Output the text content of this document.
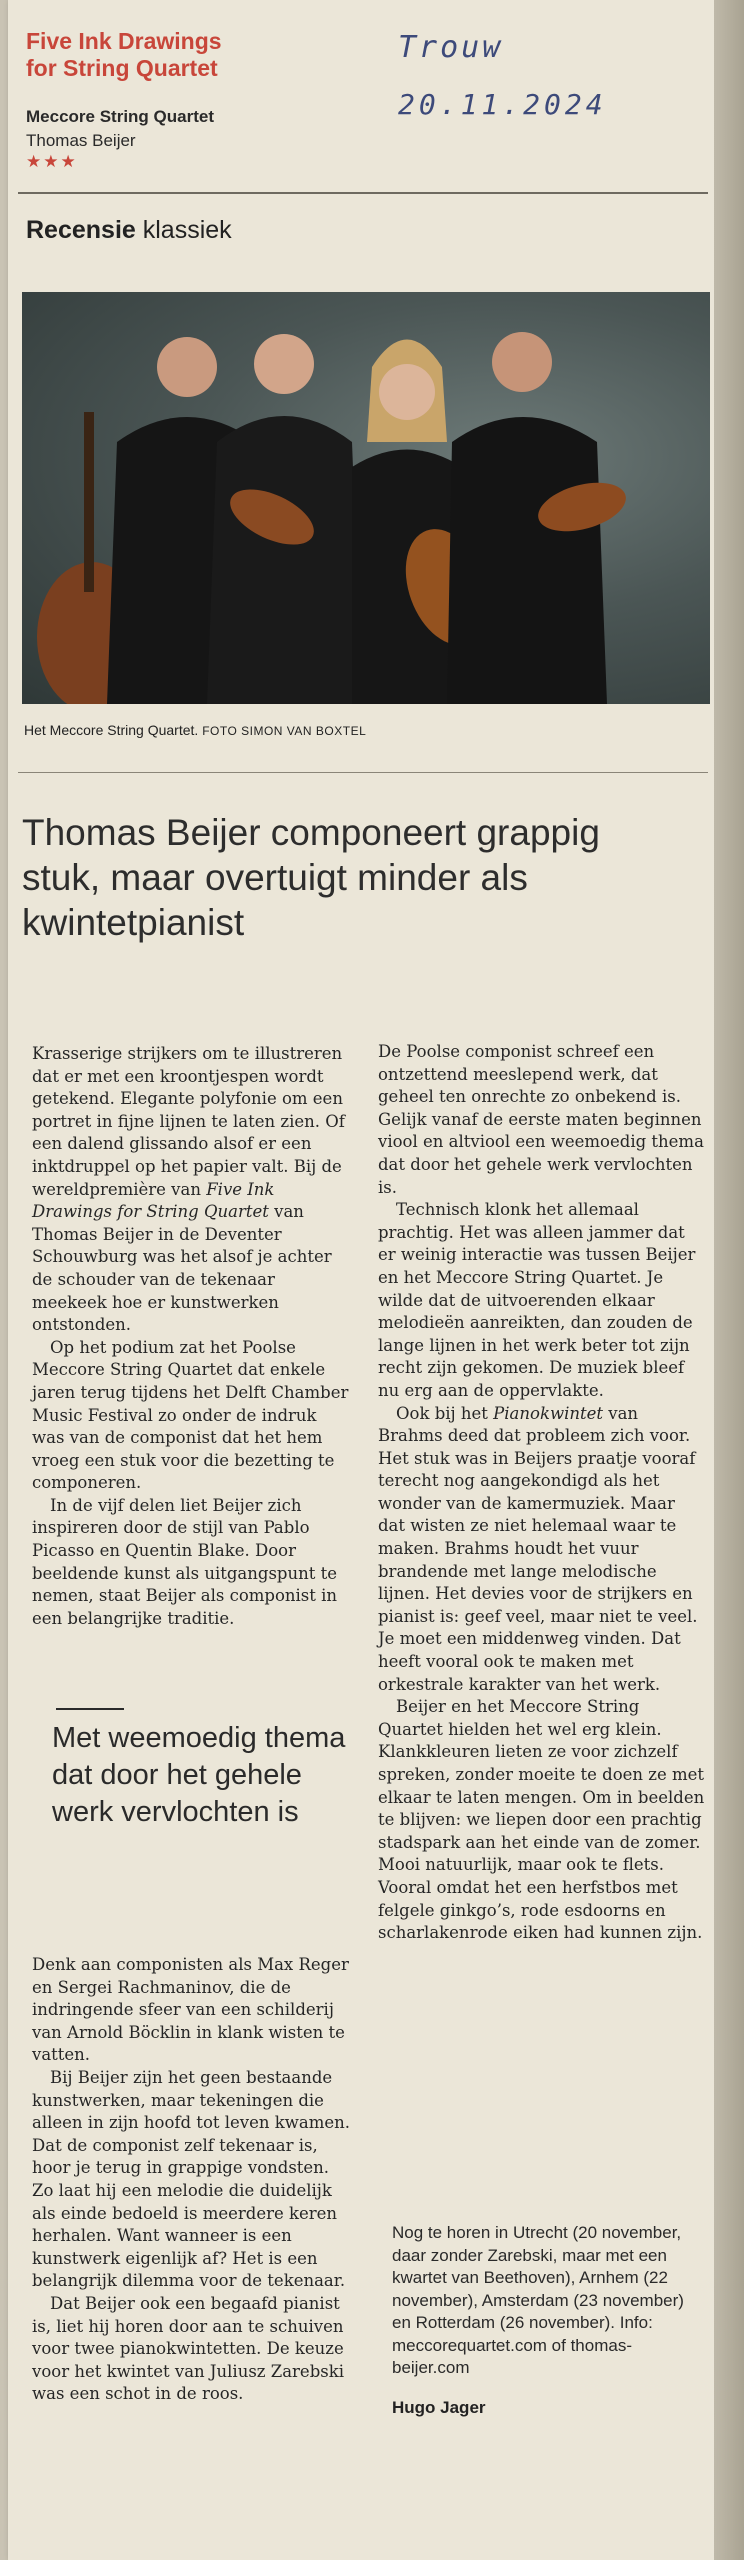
Five Ink Drawings
for String Quartet
Meccore String Quartet
Thomas Beijer
★★★
Trouw
20.11.2024
Recensie klassiek
Het Meccore String Quartet. FOTO SIMON VAN BOXTEL
Thomas Beijer componeert grappig stuk, maar overtuigt minder als kwintetpianist

Krasserige strijkers om te illustreren dat er met een kroontjespen wordt getekend. Elegante polyfonie om een portret in fijne lijnen te laten zien. Of een dalend glissando alsof er een inktdruppel op het papier valt. Bij de wereldpremière van Five Ink Drawings for String Quartet van Thomas Beijer in de Deventer Schouwburg was het alsof je achter de schouder van de tekenaar meekeek hoe er kunstwerken ontstonden.

Op het podium zat het Poolse Meccore String Quartet dat enkele jaren terug tijdens het Delft Chamber Music Festival zo onder de indruk was van de componist dat het hem vroeg een stuk voor die bezetting te componeren.

In de vijf delen liet Beijer zich inspireren door de stijl van Pablo Picasso en Quentin Blake. Door beeldende kunst als uitgangspunt te nemen, staat Beijer als componist in een belangrijke traditie.

Met weemoedig thema dat door het gehele werk vervlochten is

Denk aan componisten als Max Reger en Sergei Rachmaninov, die de indringende sfeer van een schilderij van Arnold Böcklin in klank wisten te vatten.

Bij Beijer zijn het geen bestaande kunstwerken, maar tekeningen die alleen in zijn hoofd tot leven kwamen. Dat de componist zelf tekenaar is, hoor je terug in grappige vondsten. Zo laat hij een melodie die duidelijk als einde bedoeld is meerdere keren herhalen. Want wanneer is een kunstwerk eigenlijk af? Het is een belangrijk dilemma voor de tekenaar.

Dat Beijer ook een begaafd pianist is, liet hij horen door aan te schuiven voor twee pianokwintetten. De keuze voor het kwintet van Juliusz Zarebski was een schot in de roos.

De Poolse componist schreef een ontzettend meeslepend werk, dat geheel ten onrechte zo onbekend is. Gelijk vanaf de eerste maten beginnen viool en altviool een weemoedig thema dat door het gehele werk vervlochten is.

Technisch klonk het allemaal prachtig. Het was alleen jammer dat er weinig interactie was tussen Beijer en het Meccore String Quartet. Je wilde dat de uitvoerenden elkaar melodieën aanreikten, dan zouden de lange lijnen in het werk beter tot zijn recht zijn gekomen. De muziek bleef nu erg aan de oppervlakte.

Ook bij het Pianokwintet van Brahms deed dat probleem zich voor. Het stuk was in Beijers praatje vooraf terecht nog aangekondigd als het wonder van de kamermuziek. Maar dat wisten ze niet helemaal waar te maken. Brahms houdt het vuur brandende met lange melodische lijnen. Het devies voor de strijkers en pianist is: geef veel, maar niet te veel. Je moet een middenweg vinden. Dat heeft vooral ook te maken met orkestrale karakter van het werk.

Beijer en het Meccore String Quartet hielden het wel erg klein. Klankkleuren lieten ze voor zichzelf spreken, zonder moeite te doen ze met elkaar te laten mengen. Om in beelden te blijven: we liepen door een prachtig stadspark aan het einde van de zomer. Mooi natuurlijk, maar ook te flets. Vooral omdat het een herfstbos met felgele ginkgo’s, rode esdoorns en scharlakenrode eiken had kunnen zijn.

Nog te horen in Utrecht (20 november, daar zonder Zarebski, maar met een kwartet van Beethoven), Arnhem (22 november), Amsterdam (23 november) en Rotterdam (26 november). Info: meccorequartet.com of thomas-beijer.com
Hugo Jager
